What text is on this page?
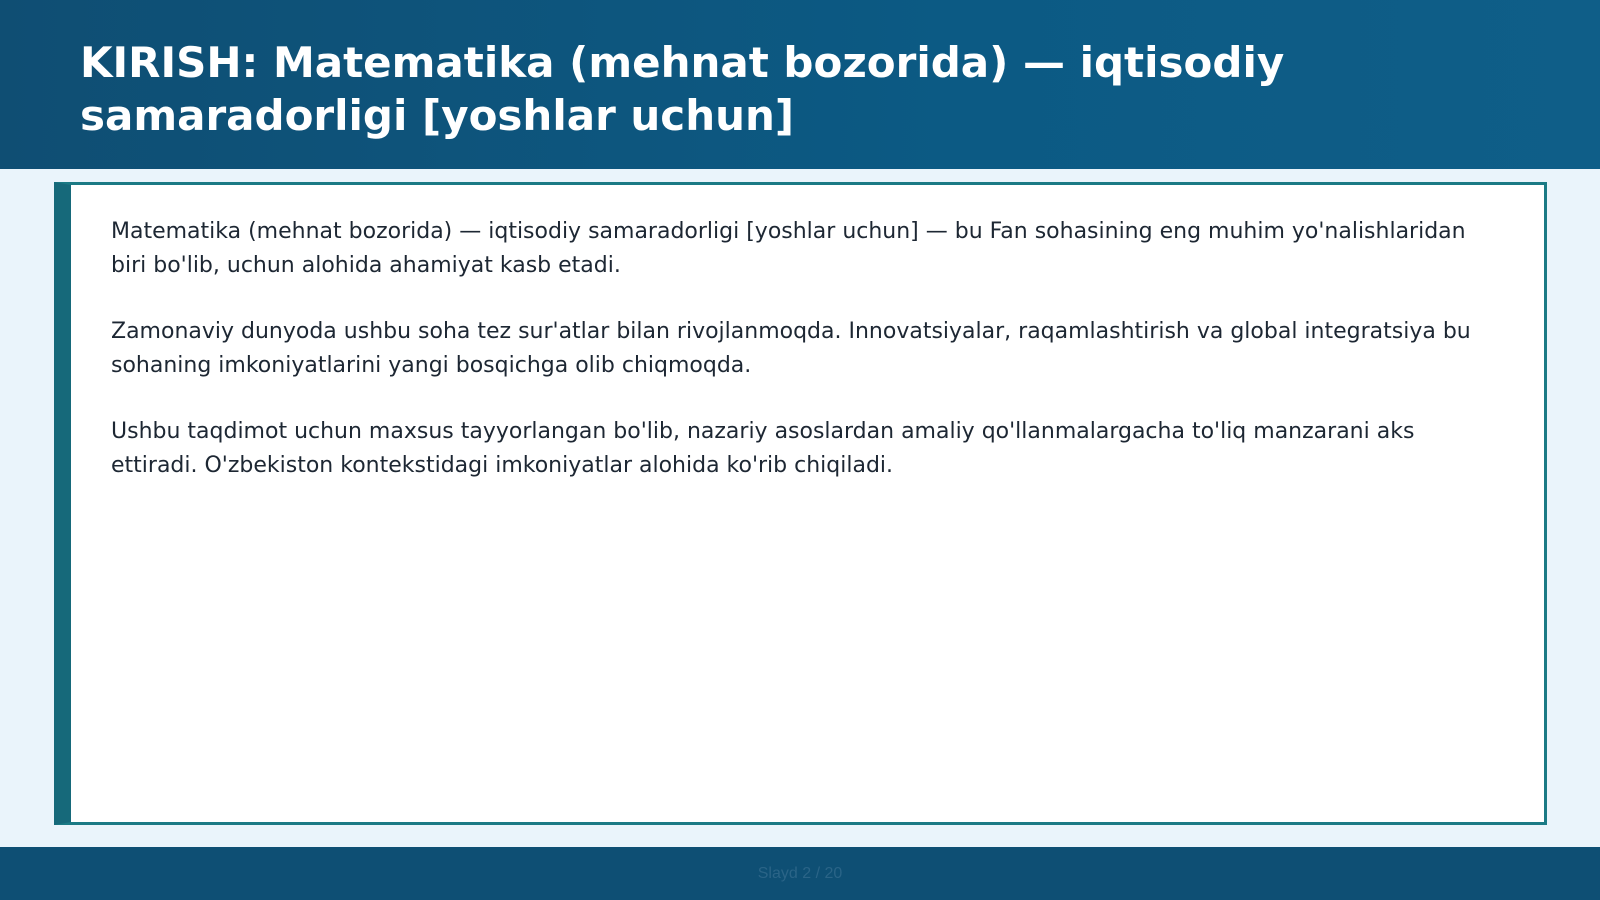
KIRISH: Matematika (mehnat bozorida) — iqtisodiy samaradorligi [yoshlar uchun]

Matematika (mehnat bozorida) — iqtisodiy samaradorligi [yoshlar uchun] — bu Fan sohasining eng muhim yo'nalishlaridan biri bo'lib, uchun alohida ahamiyat kasb etadi.

Zamonaviy dunyoda ushbu soha tez sur'atlar bilan rivojlanmoqda. Innovatsiyalar, raqamlashtirish va global integratsiya bu sohaning imkoniyatlarini yangi bosqichga olib chiqmoqda.

Ushbu taqdimot uchun maxsus tayyorlangan bo'lib, nazariy asoslardan amaliy qo'llanmalargacha to'liq manzarani aks ettiradi. O'zbekiston kontekstidagi imkoniyatlar alohida ko'rib chiqiladi.

Slayd 2 / 20
